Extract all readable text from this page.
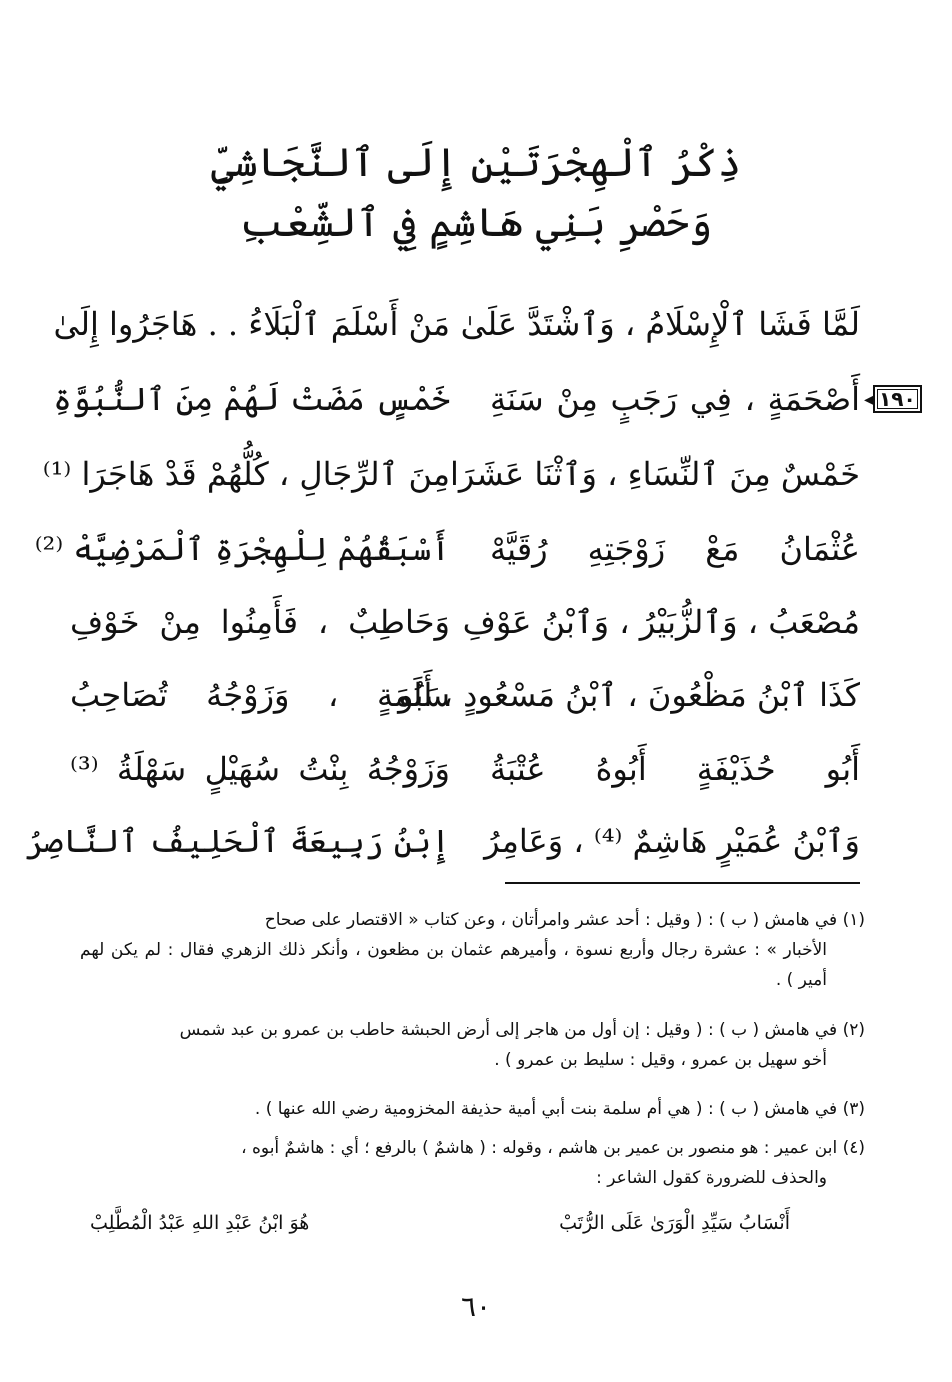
ذِكْرُ ٱلْهِجْرَتَيْنِ إِلَى ٱلنَّجَاشِيِّ
وَحَصْرِ بَنِي هَاشِمٍ فِي ٱلشِّعْبِ
لَمَّا فَشَا ٱلْإِسْلَامُ ، وَٱشْتَدَّ عَلَىٰ
مَنْ أَسْلَمَ ٱلْبَلَاءُ . . هَاجَرُوا إِلَىٰ
أَصْحَمَةٍ ، فِي رَجَبٍ مِنْ سَنَةِ
خَمْسٍ مَضَتْ لَهُمْ مِنَ ٱلنُّبُوَّةِ
خَمْسٌ مِنَ ٱلنِّسَاءِ ، وَٱثْنَا عَشَرَا
مِنَ ٱلرِّجَالِ ، كُلُّهُمْ قَدْ هَاجَرَا ⁽¹⁾
عُثْمَانُ مَعْ زَوْجَتِهِ رُقَيَّهْ
أَسْبَقُهُمْ لِلْهِجْرَةِ ٱلْمَرْضِيَّهْ ⁽²⁾
مُصْعَبُ ، وَٱلزُّبَيْرُ ، وَٱبْنُ عَوْفِ
وَحَاطِبٌ ، فَأَمِنُوا مِنْ خَوْفِ
كَذَا ٱبْنُ مَظْعُونَ ، ٱبْنُ مَسْعُودٍ ، أَبُو
سَلَمَةٍ ، وَزَوْجُهُ تُصَاحِبُ
أَبُو حُذَيْفَةٍ أَبُوهُ عُتْبَةُ
وَزَوْجُهُ بِنْتُ سُهَيْلٍ سَهْلَةُ ⁽³⁾
وَٱبْنُ عُمَيْرٍ هَاشِمٌ ⁽⁴⁾ ، وَعَامِرُ
إِبْنُ رَبِيعَةَ ٱلْحَلِيفُ ٱلنَّاصِرُ
◂ ١٩٠
(١) في هامش ( ب ) : ( وقيل : أحد عشر وامرأتان ، وعن كتاب « الاقتصار على صحاح
الأخبار » : عشرة رجال وأربع نسوة ، وأميرهم عثمان بن مظعون ، وأنكر ذلك الزهري فقال : لم يكن لهم أمير ) .
(٢) في هامش ( ب ) : ( وقيل : إن أول من هاجر إلى أرض الحبشة حاطب بن عمرو بن عبد شمس
أخو سهيل بن عمرو ، وقيل : سليط بن عمرو ) .
(٣) في هامش ( ب ) : ( هي أم سلمة بنت أبي أمية حذيفة المخزومية رضي الله عنها ) .
(٤) ابن عمير : هو منصور بن عمير بن هاشم ، وقوله : ( هاشمٌ ) بالرفع ؛ أي : هاشمٌ أبوه ،
والحذف للضرورة كقول الشاعر :
أَنْسَابُ سَيِّدِ الْوَرَىٰ عَلَى الرُّتَبْ
هُوَ ابْنُ عَبْدِ اللهِ عَبْدُ الْمُطَّلِبْ
٦٠
